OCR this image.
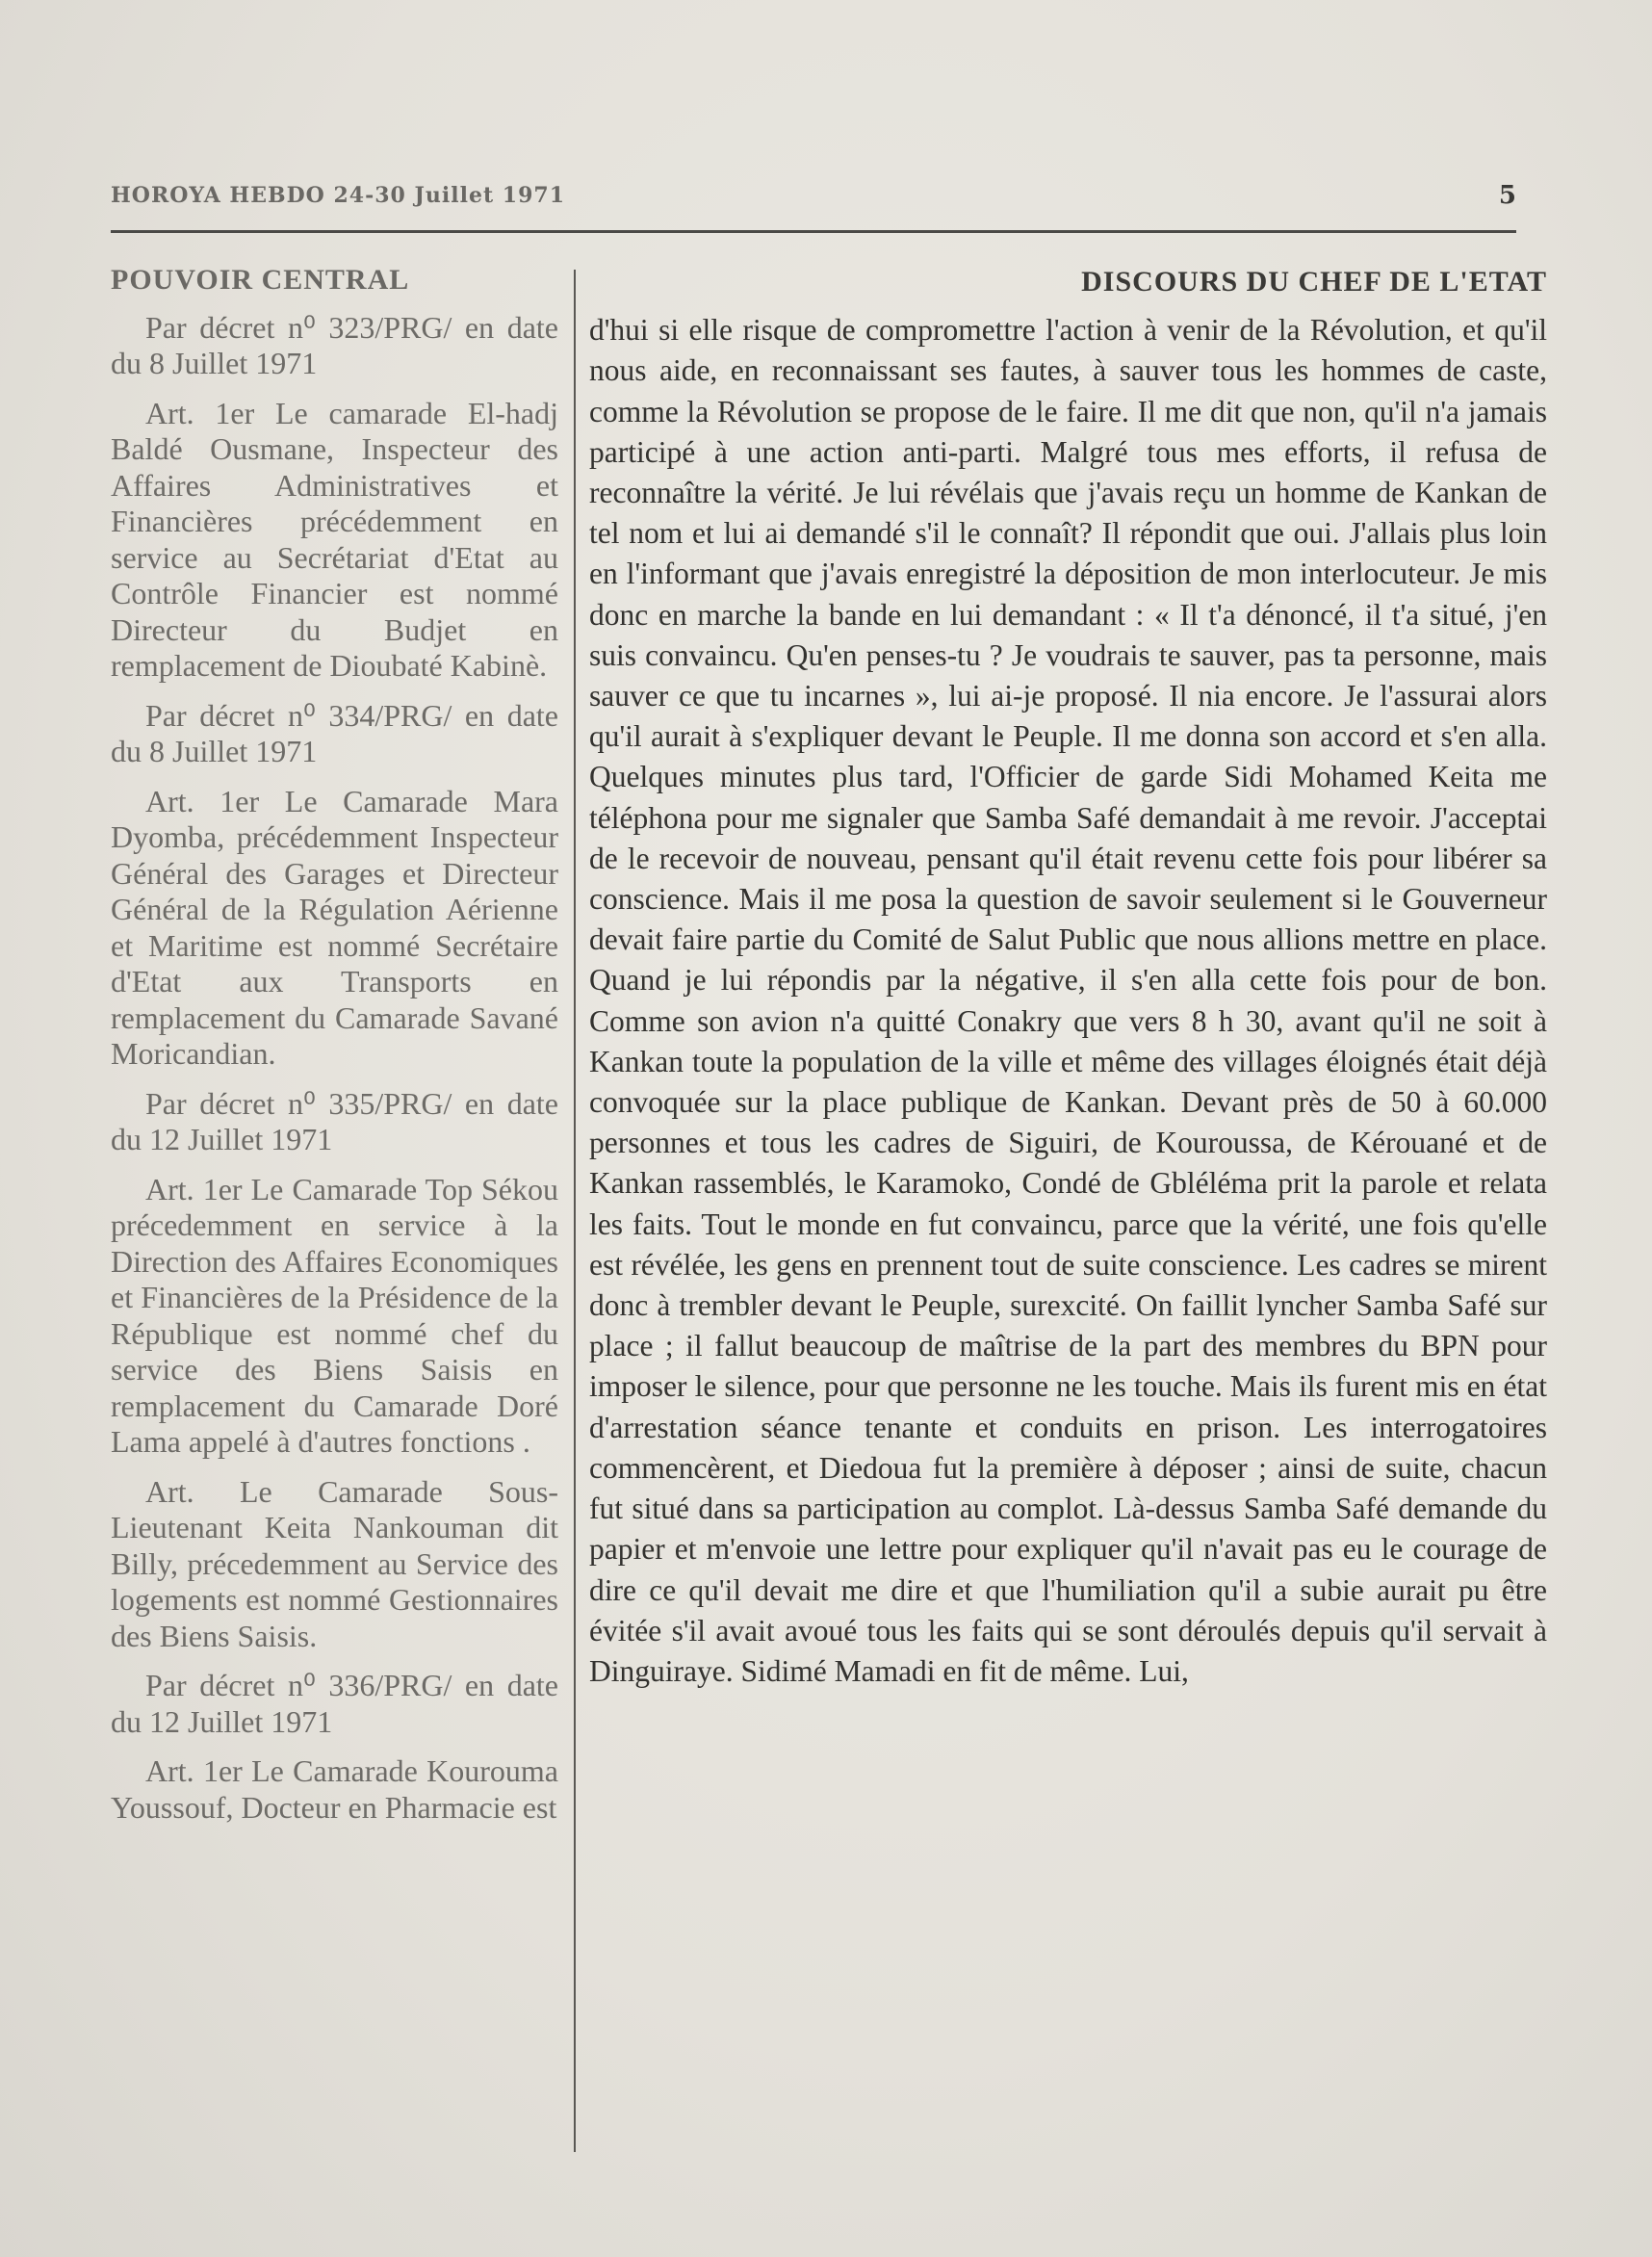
HOROYA HEBDO 24-30 Juillet 1971	5
POUVOIR CENTRAL

Par décret n⁰ 323/PRG/ en date du 8 Juillet 1971

Art. 1er Le camarade El-hadj Baldé Ousmane, Inspecteur des Affaires Administratives et Financières précédemment en service au Secrétariat d'Etat au Contrôle Financier est nommé Directeur du Budjet en remplacement de Dioubaté Kabinè.

Par décret n⁰ 334/PRG/ en date du 8 Juillet 1971

Art. 1er Le Camarade Mara Dyomba, précédemment Inspecteur Général des Garages et Directeur Général de la Régulation Aérienne et Maritime est nommé Secrétaire d'Etat aux Transports en remplacement du Camarade Savané Moricandian.

Par décret n⁰ 335/PRG/ en date du 12 Juillet 1971

Art. 1er Le Camarade Top Sékou précedemment en service à la Direction des Affaires Economiques et Financières de la Présidence de la République est nommé chef du service des Biens Saisis en remplacement du Camarade Doré Lama appelé à d'autres fonctions .

Art. Le Camarade Sous-Lieutenant Keita Nankouman dit Billy, précedemment au Service des logements est nommé Gestionnaires des Biens Saisis.

Par décret n⁰ 336/PRG/ en date du 12 Juillet 1971

Art. 1er Le Camarade Kourouma Youssouf, Docteur en Pharmacie est

DISCOURS DU CHEF DE L'ETAT

d'hui si elle risque de compromettre l'action à venir de la Révolution, et qu'il nous aide, en reconnaissant ses fautes, à sauver tous les hommes de caste, comme la Révolution se propose de le faire. Il me dit que non, qu'il n'a jamais participé à une action anti-parti. Malgré tous mes efforts, il refusa de reconnaître la vérité. Je lui révélais que j'avais reçu un homme de Kankan de tel nom et lui ai demandé s'il le connaît? Il répondit que oui. J'allais plus loin en l'informant que j'avais enregistré la déposition de mon interlocuteur. Je mis donc en marche la bande en lui demandant : « Il t'a dénoncé, il t'a situé, j'en suis convaincu. Qu'en penses-tu ? Je voudrais te sauver, pas ta personne, mais sauver ce que tu incarnes », lui ai-je proposé. Il nia encore. Je l'assurai alors qu'il aurait à s'expliquer devant le Peuple. Il me donna son accord et s'en alla. Quelques minutes plus tard, l'Officier de garde Sidi Mohamed Keita me téléphona pour me signaler que Samba Safé demandait à me revoir. J'acceptai de le recevoir de nouveau, pensant qu'il était revenu cette fois pour libérer sa conscience. Mais il me posa la question de savoir seulement si le Gouverneur devait faire partie du Comité de Salut Public que nous allions mettre en place. Quand je lui répondis par la négative, il s'en alla cette fois pour de bon. Comme son avion n'a quitté Conakry que vers 8 h 30, avant qu'il ne soit à Kankan toute la population de la ville et même des villages éloignés était déjà convoquée sur la place publique de Kankan. Devant près de 50 à 60.000 personnes et tous les cadres de Siguiri, de Kouroussa, de Kérouané et de Kankan rassemblés, le Karamoko, Condé de Gbléléma prit la parole et relata les faits. Tout le monde en fut convaincu, parce que la vérité, une fois qu'elle est révélée, les gens en prennent tout de suite conscience. Les cadres se mirent donc à trembler devant le Peuple, surexcité. On faillit lyncher Samba Safé sur place ; il fallut beaucoup de maîtrise de la part des membres du BPN pour imposer le silence, pour que personne ne les touche. Mais ils furent mis en état d'arrestation séance tenante et conduits en prison. Les interrogatoires commencèrent, et Diedoua fut la première à déposer ; ainsi de suite, chacun fut situé dans sa participation au complot. Là-dessus Samba Safé demande du papier et m'envoie une lettre pour expliquer qu'il n'avait pas eu le courage de dire ce qu'il devait me dire et que l'humiliation qu'il a subie aurait pu être évitée s'il avait avoué tous les faits qui se sont déroulés depuis qu'il servait à Dinguiraye. Sidimé Mamadi en fit de même. Lui,
